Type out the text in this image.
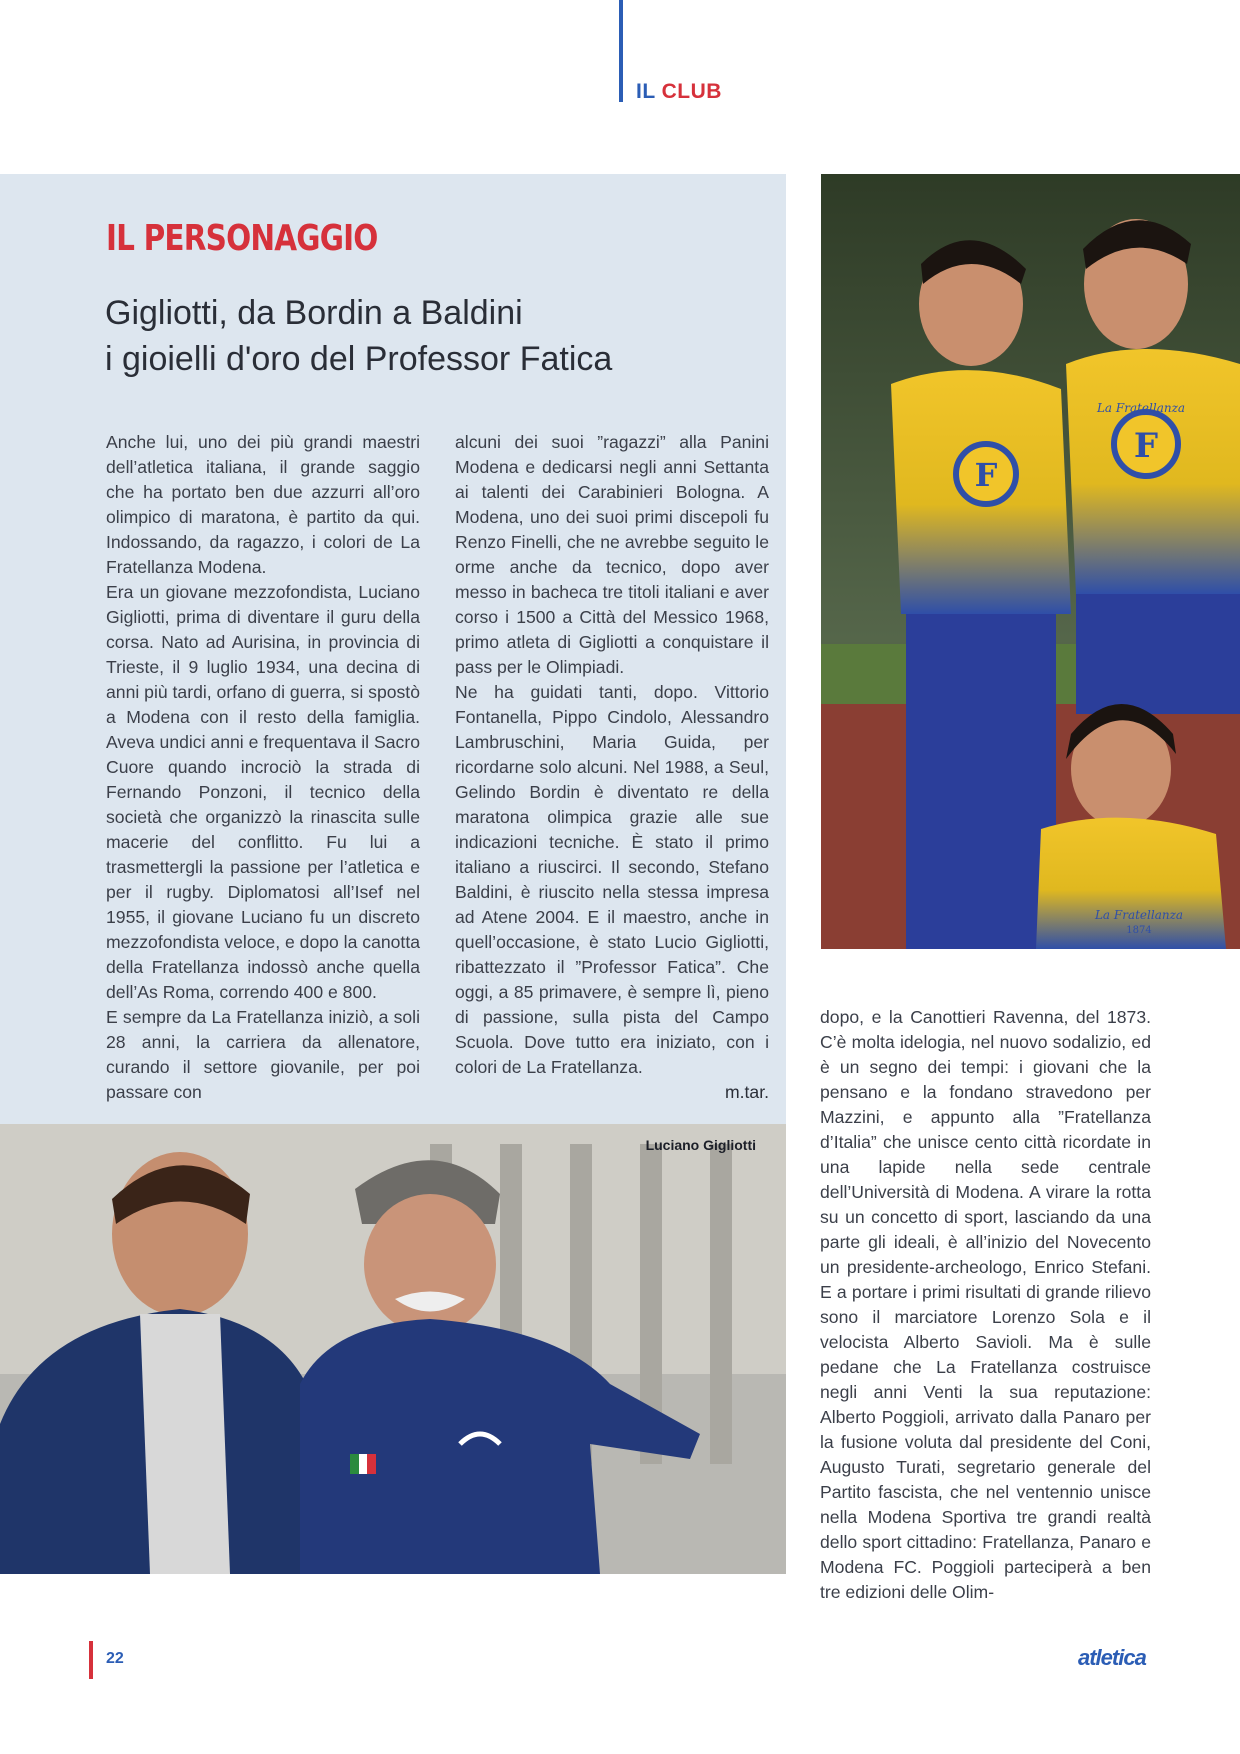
IL CLUB
IL PERSONAGGIO
Gigliotti, da Bordin a Baldini
i gioielli d'oro del Professor Fatica

Anche lui, uno dei più grandi maestri dell’atletica italiana, il grande saggio che ha portato ben due azzurri all’oro olimpico di maratona, è partito da qui. Indossando, da ragazzo, i colori de La Fratellanza Modena.

Era un giovane mezzofondista, Luciano Gigliotti, prima di diventare il guru della corsa. Nato ad Aurisina, in provincia di Trieste, il 9 luglio 1934, una decina di anni più tardi, orfano di guerra, si spostò a Modena con il resto della famiglia. Aveva undici anni e frequentava il Sacro Cuore quando incrociò la strada di Fernando Ponzoni, il tecnico della società che organizzò la rinascita sulle macerie del conflitto. Fu lui a trasmettergli la passione per l’atletica e per il rugby. Diplomatosi all’Isef nel 1955, il giovane Luciano fu un discreto mezzofondista veloce, e dopo la canotta della Fratellanza indossò anche quella dell’As Roma, correndo 400 e 800.

E sempre da La Fratellanza iniziò, a soli 28 anni, la carriera da allenatore, curando il settore giovanile, per poi passare con

alcuni dei suoi ”ragazzi” alla Panini Modena e dedicarsi negli anni Settanta ai talenti dei Carabinieri Bologna. A Modena, uno dei suoi primi discepoli fu Renzo Finelli, che ne avrebbe seguito le orme anche da tecnico, dopo aver messo in bacheca tre titoli italiani e aver corso i 1500 a Città del Messico 1968, primo atleta di Gigliotti a conquistare il pass per le Olimpiadi.

Ne ha guidati tanti, dopo. Vittorio Fontanella, Pippo Cindolo, Alessandro Lambruschini, Maria Guida, per ricordarne solo alcuni. Nel 1988, a Seul, Gelindo Bordin è diventato re della maratona olimpica grazie alle sue indicazioni tecniche. È stato il primo italiano a riuscirci. Il secondo, Stefano Baldini, è riuscito nella stessa impresa ad Atene 2004. E il maestro, anche in quell’occasione, è stato Lucio Gigliotti, ribattezzato il ”Professor Fatica”. Che oggi, a 85 primavere, è sempre lì, pieno di passione, sulla pista del Campo Scuola. Dove tutto era iniziato, con i colori de La Fratellanza.

m.tar.

dopo, e la Canottieri Ravenna, del 1873. C’è molta idelogia, nel nuovo sodalizio, ed è un segno dei tempi: i giovani che la pensano e la fondano stravedono per Mazzini, e appunto alla ”Fratellanza d’Italia” che unisce cento città ricordate in una lapide nella sede centrale dell’Università di Modena. A virare la rotta su un concetto di sport, lasciando da una parte gli ideali, è all’inizio del Novecento un presidente-archeologo, Enrico Stefani. E a portare i primi risultati di grande rilievo sono il marciatore Lorenzo Sola e il velocista Alberto Savioli. Ma è sulle pedane che La Fratellanza costruisce negli anni Venti la sua reputazione: Alberto Poggioli, arrivato dalla Panaro per la fusione voluta dal presidente del Coni, Augusto Turati, segretario generale del Partito fascista, che nel ventennio unisce nella Modena Sportiva tre grandi realtà dello sport cittadino: Fratellanza, Panaro e Modena FC. Poggioli parteciperà a ben tre edizioni delle Olim-

F
F
La Fratellanza
La Fratellanza
1874
Luciano Gigliotti
22	atletica
